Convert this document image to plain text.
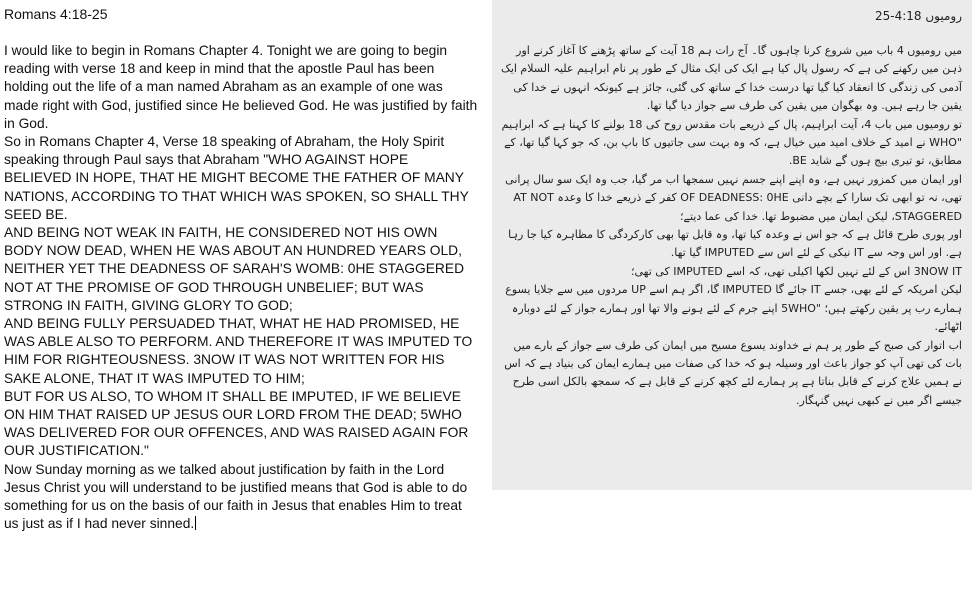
Romans 4:18-25

I would like to begin in Romans Chapter 4. Tonight we are going to begin reading with verse 18 and keep in mind that the apostle Paul has been holding out the life of a man named Abraham as an example of one was made right with God, justified since He believed God. He was justified by faith in God.

So in Romans Chapter 4, Verse 18 speaking of Abraham, the Holy Spirit speaking through Paul says that Abraham "WHO AGAINST HOPE BELIEVED IN HOPE, THAT HE MIGHT BECOME THE FATHER OF MANY NATIONS, ACCORDING TO THAT WHICH WAS SPOKEN, SO SHALL THY SEED BE.

AND BEING NOT WEAK IN FAITH, HE CONSIDERED NOT HIS OWN BODY NOW DEAD, WHEN HE WAS ABOUT AN HUNDRED YEARS OLD, NEITHER YET THE DEADNESS OF SARAH'S WOMB: 0HE STAGGERED NOT AT THE PROMISE OF GOD THROUGH UNBELIEF; BUT WAS STRONG IN FAITH, GIVING GLORY TO GOD;

AND BEING FULLY PERSUADED THAT, WHAT HE HAD PROMISED, HE WAS ABLE ALSO TO PERFORM. AND THEREFORE IT WAS IMPUTED TO HIM FOR RIGHTEOUSNESS. 3NOW IT WAS NOT WRITTEN FOR HIS SAKE ALONE, THAT IT WAS IMPUTED TO HIM;

BUT FOR US ALSO, TO WHOM IT SHALL BE IMPUTED, IF WE BELIEVE ON HIM THAT RAISED UP JESUS OUR LORD FROM THE DEAD; 5WHO WAS DELIVERED FOR OUR OFFENCES, AND WAS RAISED AGAIN FOR OUR JUSTIFICATION."

Now Sunday morning as we talked about justification by faith in the Lord Jesus Christ you will understand to be justified means that God is able to do something for us on the basis of our faith in Jesus that enables Him to treat us just as if I had never sinned.

رومیوں 4:18-25

میں رومیوں 4 باب میں شروع کرنا چاہوں گا۔ آج رات ہم 18 آیت کے ساتھ پڑھنے کا آغاز کرنے اور ذہن میں رکھنے کی ہے کہ رسول پال کیا ہے ایک کی ایک مثال کے طور پر نام ابراہیم علیہ السلام ایک آدمی کی زندگی کا انعقاد کیا گیا تھا درست خدا کے ساتھ کی گئی، جائز ہے کیونکہ انہوں نے خدا کی یقین جا رہے ہیں. وہ بھگوان میں یقین کی طرف سے جواز دیا گیا تھا.

تو رومیوں میں باب 4، آیت ابراہیم، پال کے ذریعے بات مقدس روح کی 18 بولنے کا کہنا ہے کہ ابراہیم "WHO نے امید کے خلاف امید میں خیال ہے، کہ وہ بہت سی جاتیوں کا باپ بن، کہ جو کہا گیا تھا، کے مطابق، تو تیری بیج ہوں گے شاید BE.

اور ایمان میں کمزور نہیں ہے، وہ اپنے اپنے جسم نہیں سمجھا اب مر گیا، جب وہ ایک سو سال پرانی تھی، نہ تو ابھی تک سارا کے بچے دانی OF DEADNESS: 0HE کفر کے ذریعے خدا کا وعدہ AT NOT STAGGERED، لیکن ایمان میں مضبوط تھا. خدا کی عما دیتے؛

اور پوری طرح قائل ہے کہ جو اس نے وعدہ کیا تھا، وہ قابل تھا بھی کارکردگی کا مظاہرہ کیا جا رہا ہے. اور اس وجہ سے IT نیکی کے لئے اس سے IMPUTED گیا تھا.

3NOW IT اس کے لئے نہیں لکھا اکیلی تھی، کہ اسے IMPUTED کی تھی؛

لیکن امریکہ کے لئے بھی، جسے IT جائے گا IMPUTED گا، اگر ہم اسے UP مردوں میں سے جلایا یسوع ہمارے رب پر یقین رکھتے ہیں؛ "5WHO اپنے جرم کے لئے ہونے والا تھا اور ہمارے جواز کے لئے دوبارہ اٹھائے.

اب اتوار کی صبح کے طور پر ہم نے خداوند یسوع مسیح میں ایمان کی طرف سے جواز کے بارے میں بات کی تھی آپ کو جواز باعث اور وسیلہ ہو کہ خدا کی صفات میں ہمارے ایمان کی بنیاد ہے کہ اس نے ہمیں علاج کرنے کے قابل بناتا ہے پر ہمارے لئے کچھ کرنے کے قابل ہے کہ سمجھ بالکل اسی طرح جیسے اگر میں نے کبھی نہیں گنہگار.
